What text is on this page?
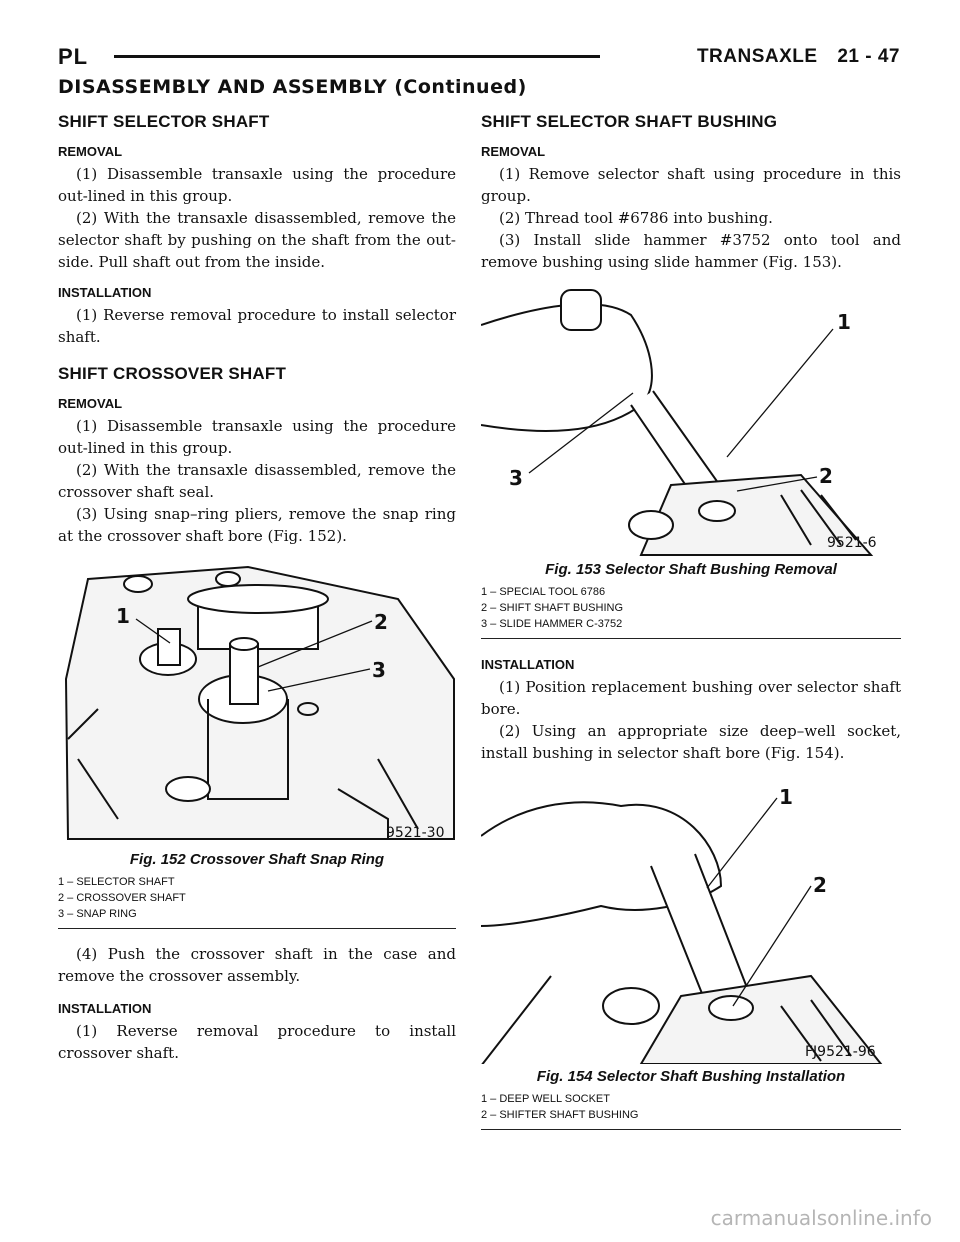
PL	TRANSAXLE 21 - 47
DISASSEMBLY AND ASSEMBLY (Continued)
SHIFT SELECTOR SHAFT
REMOVAL

(1) Disassemble transaxle using the procedure out-lined in this group.

(2) With the transaxle disassembled, remove the selector shaft by pushing on the shaft from the out-side. Pull shaft out from the inside.

INSTALLATION

(1) Reverse removal procedure to install selector shaft.

SHIFT CROSSOVER SHAFT
REMOVAL

(1) Disassemble transaxle using the procedure out-lined in this group.

(2) With the transaxle disassembled, remove the crossover shaft seal.

(3) Using snap–ring pliers, remove the snap ring at the crossover shaft bore (Fig. 152).

1	2
3
9521-30
Fig. 152 Crossover Shaft Snap Ring
1 – SELECTOR SHAFT
2 – CROSSOVER SHAFT
3 – SNAP RING

(4) Push the crossover shaft in the case and remove the crossover assembly.

INSTALLATION

(1) Reverse removal procedure to install crossover shaft.

SHIFT SELECTOR SHAFT BUSHING
REMOVAL

(1) Remove selector shaft using procedure in this group.

(2) Thread tool #6786 into bushing.

(3) Install slide hammer #3752 onto tool and remove bushing using slide hammer (Fig. 153).

1
2
3
9521-6
Fig. 153 Selector Shaft Bushing Removal
1 – SPECIAL TOOL 6786
2 – SHIFT SHAFT BUSHING
3 – SLIDE HAMMER C-3752
INSTALLATION

(1) Position replacement bushing over selector shaft bore.

(2) Using an appropriate size deep–well socket, install bushing in selector shaft bore (Fig. 154).

1
2
FJ9521-96
Fig. 154 Selector Shaft Bushing Installation
1 – DEEP WELL SOCKET
2 – SHIFTER SHAFT BUSHING
carmanualsonline.info
